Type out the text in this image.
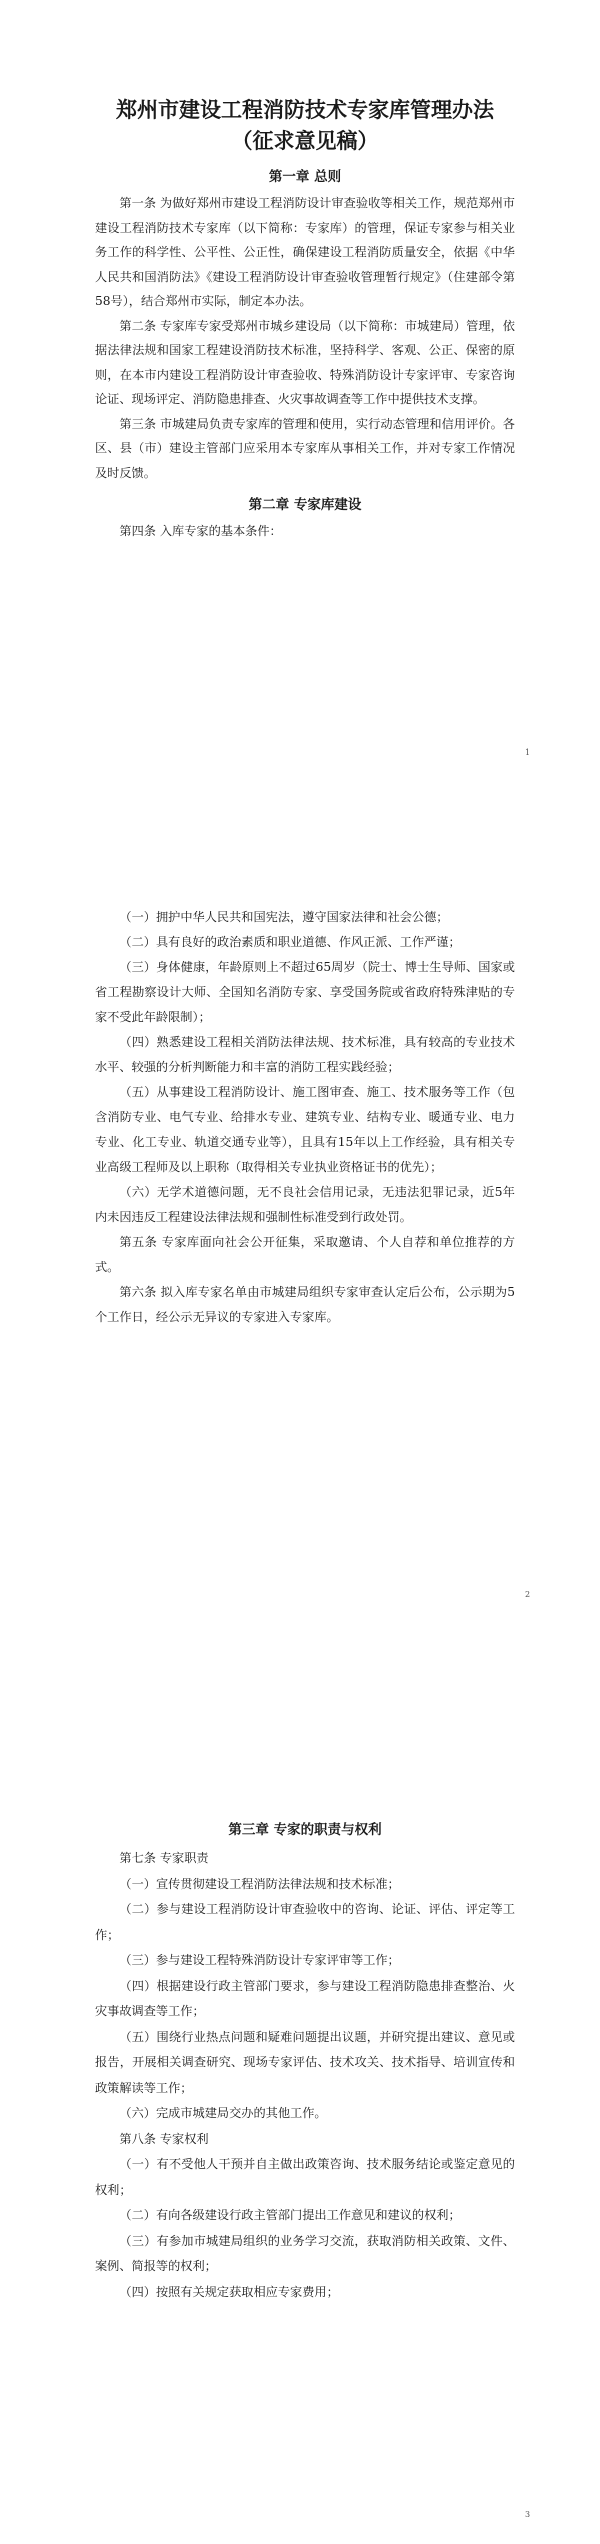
郑州市建设工程消防技术专家库管理办法
（征求意见稿）
第一章 总则

第一条 为做好郑州市建设工程消防设计审查验收等相关工作，规范郑州市建设工程消防技术专家库（以下简称：专家库）的管理，保证专家参与相关业务工作的科学性、公平性、公正性，确保建设工程消防质量安全，依据《中华人民共和国消防法》《建设工程消防设计审查验收管理暂行规定》（住建部令第58号），结合郑州市实际，制定本办法。

第二条 专家库专家受郑州市城乡建设局（以下简称：市城建局）管理，依据法律法规和国家工程建设消防技术标准，坚持科学、客观、公正、保密的原则，在本市内建设工程消防设计审查验收、特殊消防设计专家评审、专家咨询论证、现场评定、消防隐患排查、火灾事故调查等工作中提供技术支撑。

第三条 市城建局负责专家库的管理和使用，实行动态管理和信用评价。各区、县（市）建设主管部门应采用本专家库从事相关工作，并对专家工作情况及时反馈。

第二章 专家库建设

第四条 入库专家的基本条件：

1

（一）拥护中华人民共和国宪法，遵守国家法律和社会公德；

（二）具有良好的政治素质和职业道德、作风正派、工作严谨；

（三）身体健康，年龄原则上不超过65周岁（院士、博士生导师、国家或省工程勘察设计大师、全国知名消防专家、享受国务院或省政府特殊津贴的专家不受此年龄限制）；

（四）熟悉建设工程相关消防法律法规、技术标准，具有较高的专业技术水平、较强的分析判断能力和丰富的消防工程实践经验；

（五）从事建设工程消防设计、施工图审查、施工、技术服务等工作（包含消防专业、电气专业、给排水专业、建筑专业、结构专业、暖通专业、电力专业、化工专业、轨道交通专业等），且具有15年以上工作经验，具有相关专业高级工程师及以上职称（取得相关专业执业资格证书的优先）；

（六）无学术道德问题，无不良社会信用记录，无违法犯罪记录，近5年内未因违反工程建设法律法规和强制性标准受到行政处罚。

第五条 专家库面向社会公开征集，采取邀请、个人自荐和单位推荐的方式。

第六条 拟入库专家名单由市城建局组织专家审查认定后公布，公示期为5个工作日，经公示无异议的专家进入专家库。

2
第三章 专家的职责与权利

第七条 专家职责

（一）宣传贯彻建设工程消防法律法规和技术标准；

（二）参与建设工程消防设计审查验收中的咨询、论证、评估、评定等工作；

（三）参与建设工程特殊消防设计专家评审等工作；

（四）根据建设行政主管部门要求，参与建设工程消防隐患排查整治、火灾事故调查等工作；

（五）围绕行业热点问题和疑难问题提出议题，并研究提出建议、意见或报告，开展相关调查研究、现场专家评估、技术攻关、技术指导、培训宣传和政策解读等工作；

（六）完成市城建局交办的其他工作。

第八条 专家权利

（一）有不受他人干预并自主做出政策咨询、技术服务结论或鉴定意见的权利；

（二）有向各级建设行政主管部门提出工作意见和建议的权利；

（三）有参加市城建局组织的业务学习交流，获取消防相关政策、文件、案例、简报等的权利；

（四）按照有关规定获取相应专家费用；

3
